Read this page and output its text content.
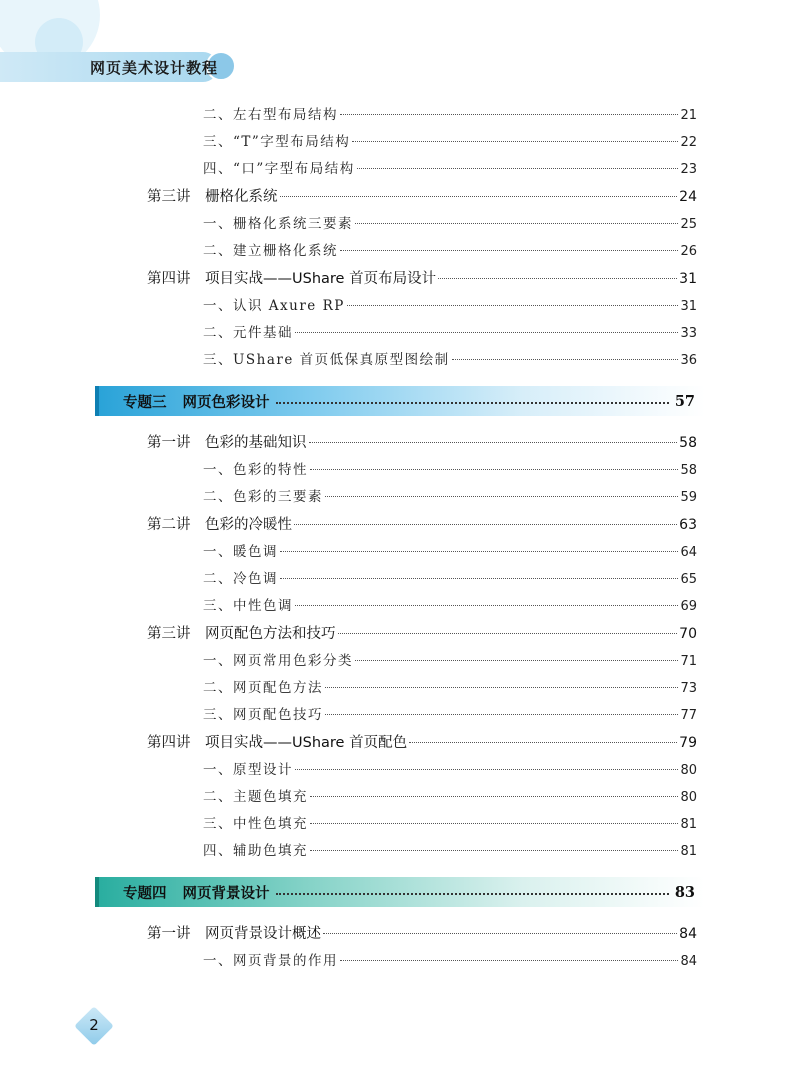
网页美术设计教程
二、左右型布局结构	21
三、“T”字型布局结构	22
四、“口”字型布局结构	23
第三讲 栅格化系统	24
一、栅格化系统三要素	25
二、建立栅格化系统	26
第四讲 项目实战——UShare 首页布局设计	31
一、认识 Axure RP	31
二、元件基础	33
三、UShare 首页低保真原型图绘制	36
专题三 网页色彩设计	57
第一讲 色彩的基础知识	58
一、色彩的特性	58
二、色彩的三要素	59
第二讲 色彩的冷暖性	63
一、暖色调	64
二、冷色调	65
三、中性色调	69
第三讲 网页配色方法和技巧	70
一、网页常用色彩分类	71
二、网页配色方法	73
三、网页配色技巧	77
第四讲 项目实战——UShare 首页配色	79
一、原型设计	80
二、主题色填充	80
三、中性色填充	81
四、辅助色填充	81
专题四 网页背景设计	83
第一讲 网页背景设计概述	84
一、网页背景的作用	84
2
